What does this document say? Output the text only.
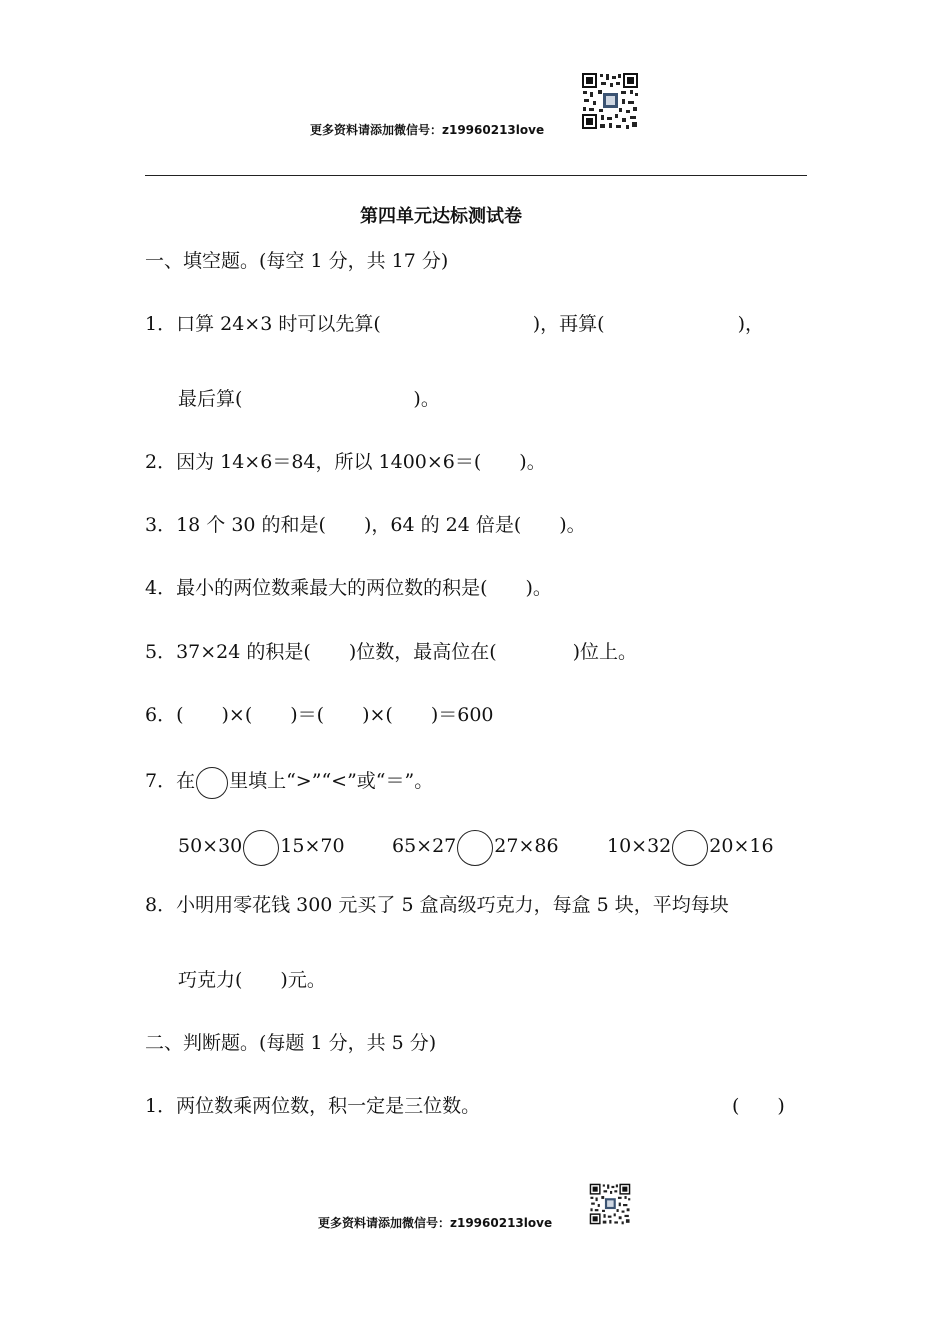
更多资料请添加微信号：z19960213love
第四单元达标测试卷
一、填空题。(每空 1 分，共 17 分)
1．口算 24×3 时可以先算(　　　　　　　　)，再算(　　　　　　　)，
最后算(　　　　　　　　　)。
2．因为 14×6＝84，所以 1400×6＝(　　)。
3．18 个 30 的和是(　　)，64 的 24 倍是(　　)。
4．最小的两位数乘最大的两位数的积是(　　)。
5．37×24 的积是(　　)位数，最高位在(　　　　)位上。
6．(　　)×(　　)＝(　　)×(　　)＝600
7．在 里填上“>”“<”或“＝”。
50×30 15×70 65×27 27×86	10×32 20×16
8．小明用零花钱 300 元买了 5 盒高级巧克力，每盒 5 块，平均每块
巧克力(　　)元。
二、判断题。(每题 1 分，共 5 分)
1．两位数乘两位数，积一定是三位数。	(　　)
更多资料请添加微信号：z19960213love
